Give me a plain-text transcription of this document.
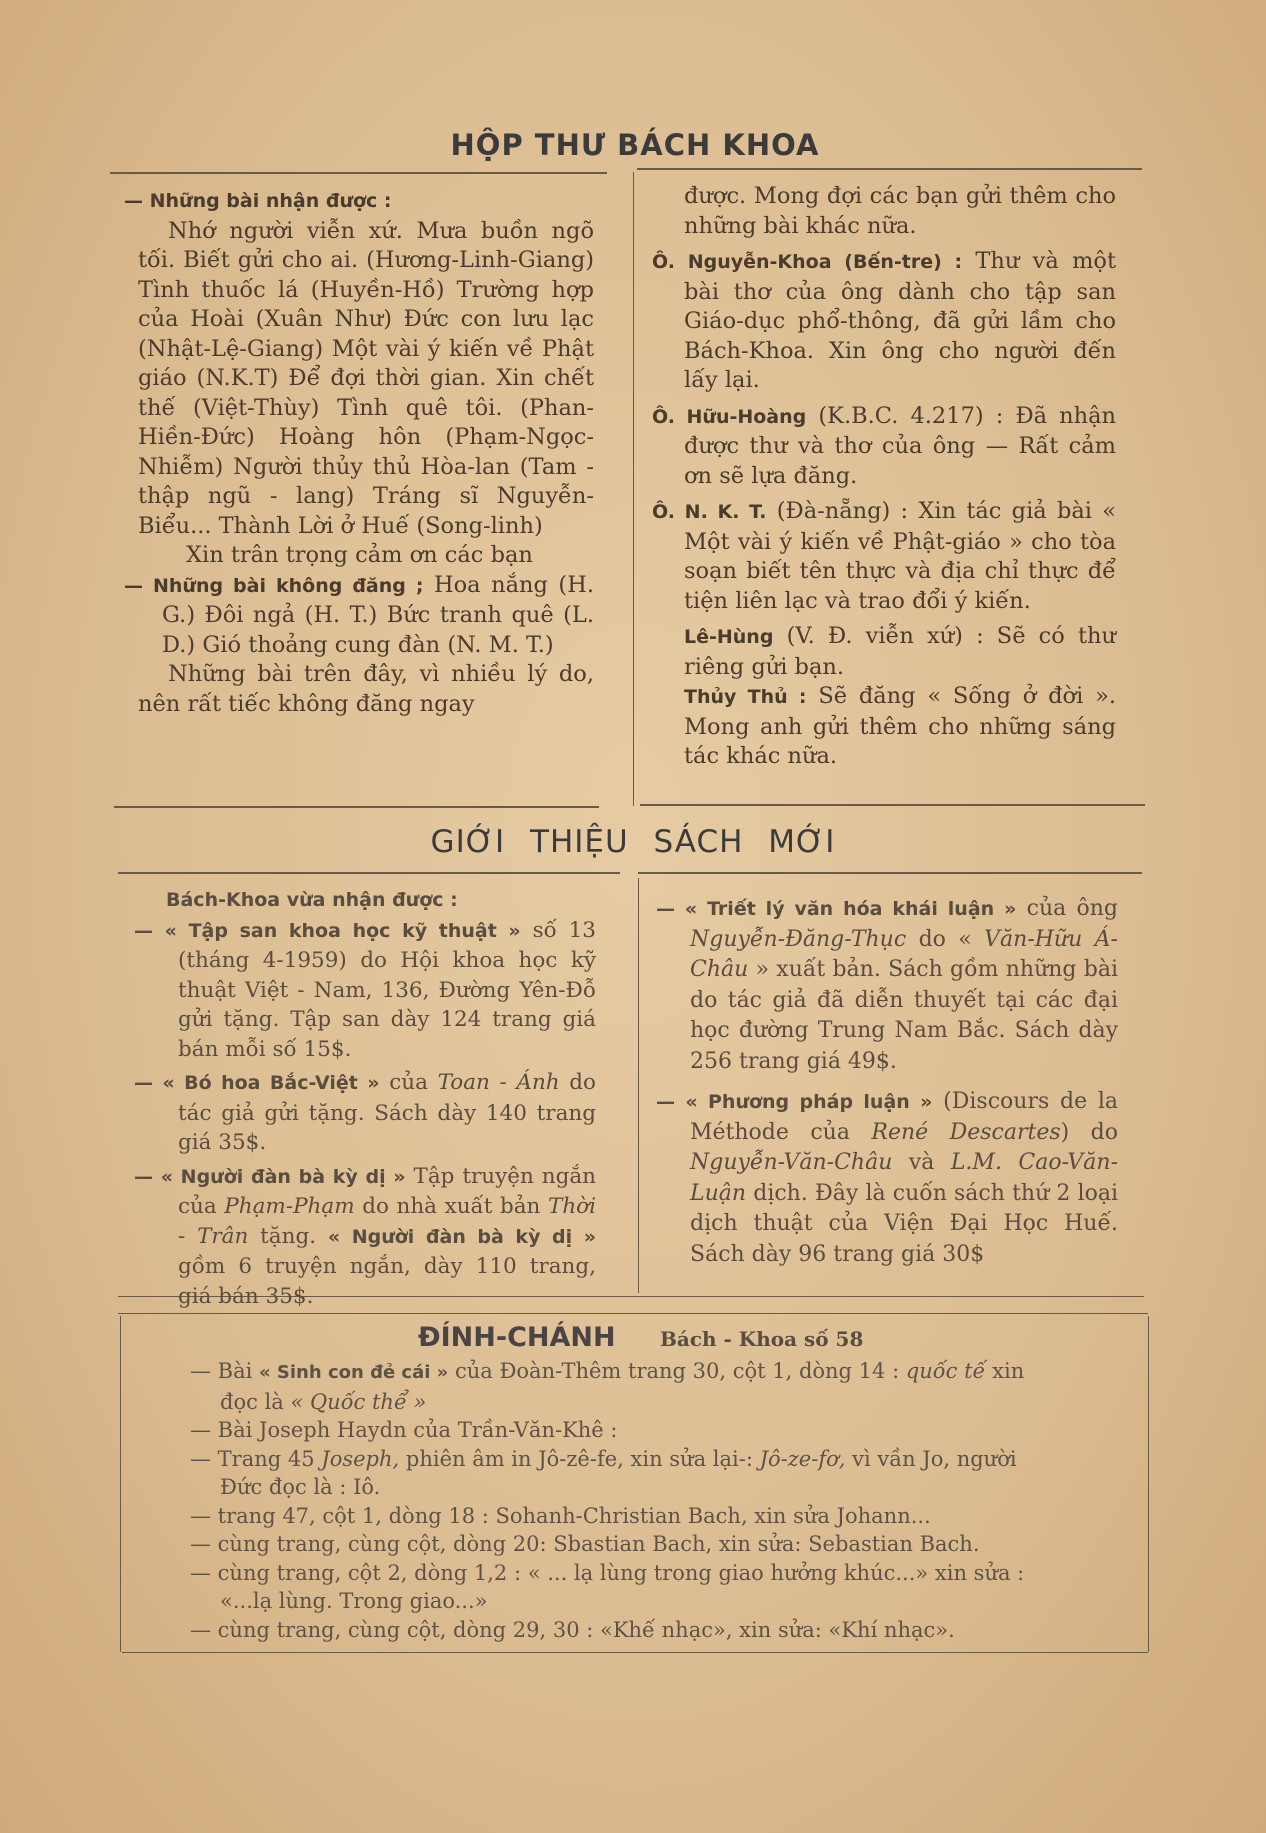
HỘP THƯ BÁCH KHOA

— Những bài nhận được :

Nhớ người viễn xứ. Mưa buồn ngõ tối. Biết gửi cho ai. (Hương-Linh-Giang) Tình thuốc lá (Huyền-Hồ) Trường hợp của Hoài (Xuân Như) Đức con lưu lạc (Nhật-Lệ-Giang) Một vài ý kiến về Phật giáo (N.K.T) Để đợi thời gian. Xin chết thế (Việt-Thùy) Tình quê tôi. (Phan-Hiền-Đức) Hoàng hôn (Phạm-Ngọc-Nhiễm) Người thủy thủ Hòa-lan (Tam - thập ngũ - lang) Tráng sĩ Nguyễn-Biểu... Thành Lời ở Huế (Song-linh)

Xin trân trọng cảm ơn các bạn

— Những bài không đăng ; Hoa nắng (H. G.) Đôi ngả (H. T.) Bức tranh quê (L. D.) Gió thoảng cung đàn (N. M. T.)

Những bài trên đây, vì nhiều lý do, nên rất tiếc không đăng ngay

được. Mong đợi các bạn gửi thêm cho những bài khác nữa.

Ô. Nguyễn-Khoa (Bến-tre) : Thư và một bài thơ của ông dành cho tập san Giáo-dục phổ-thông, đã gửi lầm cho Bách-Khoa. Xin ông cho người đến lấy lại.

Ô. Hữu-Hoàng (K.B.C. 4.217) : Đã nhận được thư và thơ của ông — Rất cảm ơn sẽ lựa đăng.

Ô. N. K. T. (Đà-nẵng) : Xin tác giả bài « Một vài ý kiến về Phật-giáo » cho tòa soạn biết tên thực và địa chỉ thực để tiện liên lạc và trao đổi ý kiến.

Lê-Hùng (V. Đ. viễn xứ) : Sẽ có thư riêng gửi bạn.

Thủy Thủ : Sẽ đăng « Sống ở đời ». Mong anh gửi thêm cho những sáng tác khác nữa.

GIỚI THIỆU SÁCH MỚI

Bách-Khoa vừa nhận được :

— « Tập san khoa học kỹ thuật » số 13 (tháng 4-1959) do Hội khoa học kỹ thuật Việt - Nam, 136, Đường Yên-Đỗ gửi tặng. Tập san dày 124 trang giá bán mỗi số 15$.

— « Bó hoa Bắc-Việt » của Toan - Ánh do tác giả gửi tặng. Sách dày 140 trang giá 35$.

— « Người đàn bà kỳ dị » Tập truyện ngắn của Phạm-Phạm do nhà xuất bản Thời - Trân tặng. « Người đàn bà kỳ dị » gồm 6 truyện ngắn, dày 110 trang, giá bán 35$.

— « Triết lý văn hóa khái luận » của ông Nguyễn-Đăng-Thục do « Văn-Hữu Á-Châu » xuất bản. Sách gồm những bài do tác giả đã diễn thuyết tại các đại học đường Trung Nam Bắc. Sách dày 256 trang giá 49$.

— « Phương pháp luận » (Discours de la Méthode của René Descartes) do Nguyễn-Văn-Châu và L.M. Cao-Văn-Luận dịch. Đây là cuốn sách thứ 2 loại dịch thuật của Viện Đại Học Huế. Sách dày 96 trang giá 30$

ĐÍNH-CHÁNH Bách - Khoa số 58

— Bài « Sinh con đẻ cái » của Đoàn-Thêm trang 30, cột 1, dòng 14 : quốc tế xin đọc là « Quốc thể »

— Bài Joseph Haydn của Trần-Văn-Khê :

— Trang 45 Joseph, phiên âm in Jô-zê-fe, xin sửa lại-: Jô-ze-fơ, vì vần Jo, người Đức đọc là : Iô.

— trang 47, cột 1, dòng 18 : Sohanh-Christian Bach, xin sửa Johann...

— cùng trang, cùng cột, dòng 20: Sbastian Bach, xin sửa: Sebastian Bach.

— cùng trang, cột 2, dòng 1,2 : « ... lạ lùng trong giao hưởng khúc...» xin sửa : «...lạ lùng. Trong giao...»

— cùng trang, cùng cột, dòng 29, 30 : «Khế nhạc», xin sửa: «Khí nhạc».
